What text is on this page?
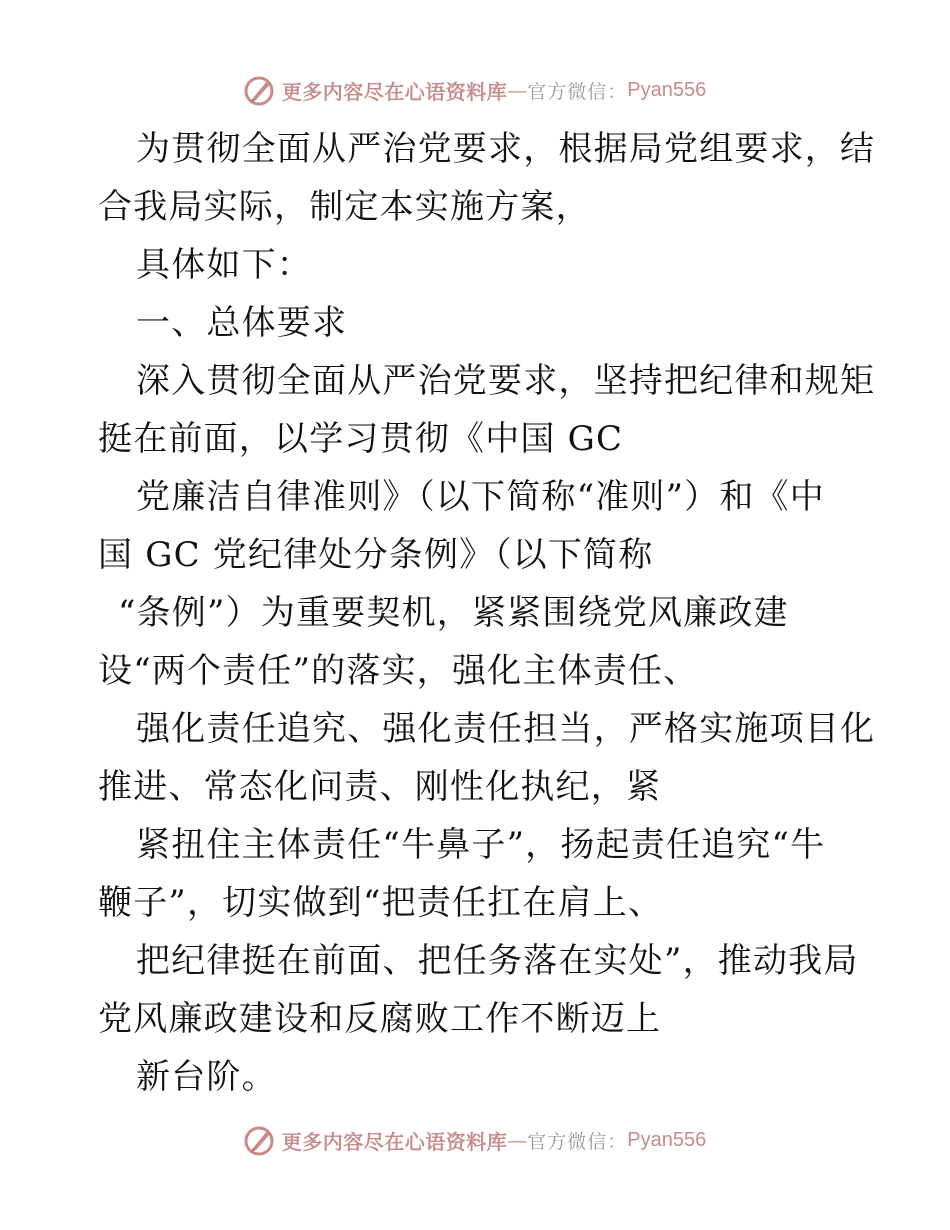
更多内容尽在心语资料库 — 官方微信： Pyan556
为贯彻全面从严治党要求，根据局党组要求，结
合我局实际，制定本实施方案，
具体如下：
一、总体要求
深入贯彻全面从严治党要求，坚持把纪律和规矩
挺在前面，以学习贯彻《中国 GC
党廉洁自律准则》（以下简称“准则”）和《中
国 GC 党纪律处分条例》（以下简称
“条例”）为重要契机，紧紧围绕党风廉政建
设“两个责任”的落实，强化主体责任、
强化责任追究、强化责任担当，严格实施项目化
推进、常态化问责、刚性化执纪，紧
紧扭住主体责任“牛鼻子”，扬起责任追究“牛
鞭子”，切实做到“把责任扛在肩上、
把纪律挺在前面、把任务落在实处”，推动我局
党风廉政建设和反腐败工作不断迈上
新台阶。
更多内容尽在心语资料库 — 官方微信： Pyan556
